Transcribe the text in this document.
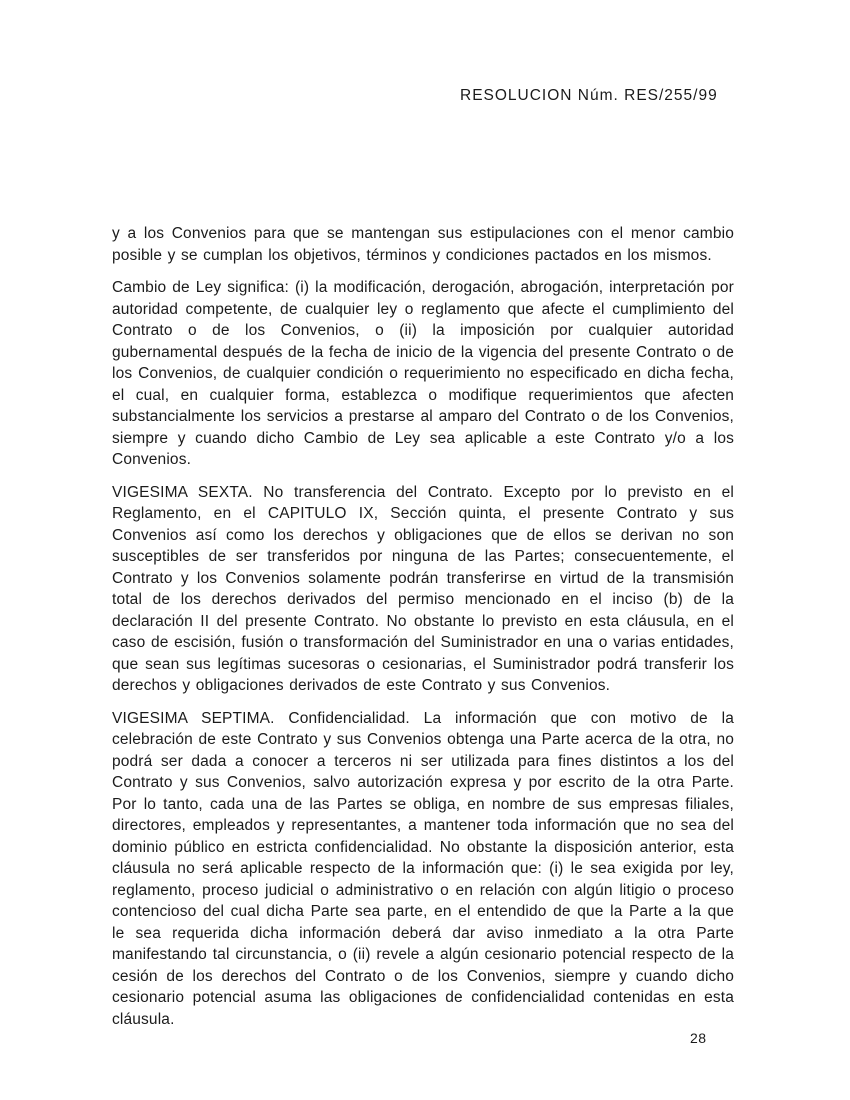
RESOLUCION Núm. RES/255/99

y a los Convenios para que se mantengan sus estipulaciones con el menor cambio posible y se cumplan los objetivos, términos y condiciones pactados en los mismos.

Cambio de Ley significa: (i) la modificación, derogación, abrogación, interpretación por autoridad competente, de cualquier ley o reglamento que afecte el cumplimiento del Contrato o de los Convenios, o (ii) la imposición por cualquier autoridad gubernamental después de la fecha de inicio de la vigencia del presente Contrato o de los Convenios, de cualquier condición o requerimiento no especificado en dicha fecha, el cual, en cualquier forma, establezca o modifique requerimientos que afecten substancialmente los servicios a prestarse al amparo del Contrato o de los Convenios, siempre y cuando dicho Cambio de Ley sea aplicable a este Contrato y/o a los Convenios.

VIGESIMA SEXTA. No transferencia del Contrato. Excepto por lo previsto en el Reglamento, en el CAPITULO IX, Sección quinta, el presente Contrato y sus Convenios así como los derechos y obligaciones que de ellos se derivan no son susceptibles de ser transferidos por ninguna de las Partes; consecuentemente, el Contrato y los Convenios solamente podrán transferirse en virtud de la transmisión total de los derechos derivados del permiso mencionado en el inciso (b) de la declaración II del presente Contrato. No obstante lo previsto en esta cláusula, en el caso de escisión, fusión o transformación del Suministrador en una o varias entidades, que sean sus legítimas sucesoras o cesionarias, el Suministrador podrá transferir los derechos y obligaciones derivados de este Contrato y sus Convenios.

VIGESIMA SEPTIMA. Confidencialidad. La información que con motivo de la celebración de este Contrato y sus Convenios obtenga una Parte acerca de la otra, no podrá ser dada a conocer a terceros ni ser utilizada para fines distintos a los del Contrato y sus Convenios, salvo autorización expresa y por escrito de la otra Parte. Por lo tanto, cada una de las Partes se obliga, en nombre de sus empresas filiales, directores, empleados y representantes, a mantener toda información que no sea del dominio público en estricta confidencialidad. No obstante la disposición anterior, esta cláusula no será aplicable respecto de la información que: (i) le sea exigida por ley, reglamento, proceso judicial o administrativo o en relación con algún litigio o proceso contencioso del cual dicha Parte sea parte, en el entendido de que la Parte a la que le sea requerida dicha información deberá dar aviso inmediato a la otra Parte manifestando tal circunstancia, o (ii) revele a algún cesionario potencial respecto de la cesión de los derechos del Contrato o de los Convenios, siempre y cuando dicho cesionario potencial asuma las obligaciones de confidencialidad contenidas en esta cláusula.

28
